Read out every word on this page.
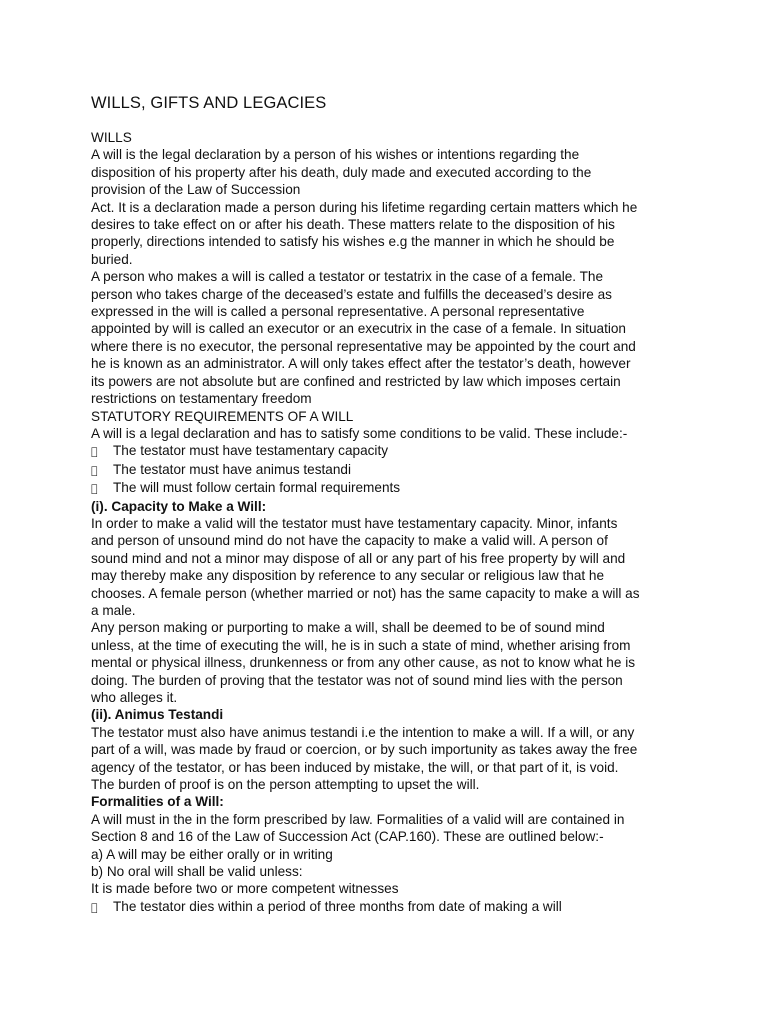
WILLS, GIFTS AND LEGACIES
WILLS
A will is the legal declaration by a person of his wishes or intentions regarding the
disposition of his property after his death, duly made and executed according to the
provision of the Law of Succession
Act. It is a declaration made a person during his lifetime regarding certain matters which he
desires to take effect on or after his death. These matters relate to the disposition of his
properly, directions intended to satisfy his wishes e.g the manner in which he should be
buried.
A person who makes a will is called a testator or testatrix in the case of a female. The
person who takes charge of the deceased’s estate and fulfills the deceased’s desire as
expressed in the will is called a personal representative. A personal representative
appointed by will is called an executor or an executrix in the case of a female. In situation
where there is no executor, the personal representative may be appointed by the court and
he is known as an administrator. A will only takes effect after the testator’s death, however
its powers are not absolute but are confined and restricted by law which imposes certain
restrictions on testamentary freedom
STATUTORY REQUIREMENTS OF A WILL
A will is a legal declaration and has to satisfy some conditions to be valid. These include:-
The testator must have testamentary capacity
The testator must have animus testandi
The will must follow certain formal requirements
(i). Capacity to Make a Will:
In order to make a valid will the testator must have testamentary capacity. Minor, infants
and person of unsound mind do not have the capacity to make a valid will. A person of
sound mind and not a minor may dispose of all or any part of his free property by will and
may thereby make any disposition by reference to any secular or religious law that he
chooses. A female person (whether married or not) has the same capacity to make a will as
a male.
Any person making or purporting to make a will, shall be deemed to be of sound mind
unless, at the time of executing the will, he is in such a state of mind, whether arising from
mental or physical illness, drunkenness or from any other cause, as not to know what he is
doing. The burden of proving that the testator was not of sound mind lies with the person
who alleges it.
(ii). Animus Testandi
The testator must also have animus testandi i.e the intention to make a will. If a will, or any
part of a will, was made by fraud or coercion, or by such importunity as takes away the free
agency of the testator, or has been induced by mistake, the will, or that part of it, is void.
The burden of proof is on the person attempting to upset the will.
Formalities of a Will:
A will must in the in the form prescribed by law. Formalities of a valid will are contained in
Section 8 and 16 of the Law of Succession Act (CAP.160). These are outlined below:-
a) A will may be either orally or in writing
b) No oral will shall be valid unless:
It is made before two or more competent witnesses
The testator dies within a period of three months from date of making a will
